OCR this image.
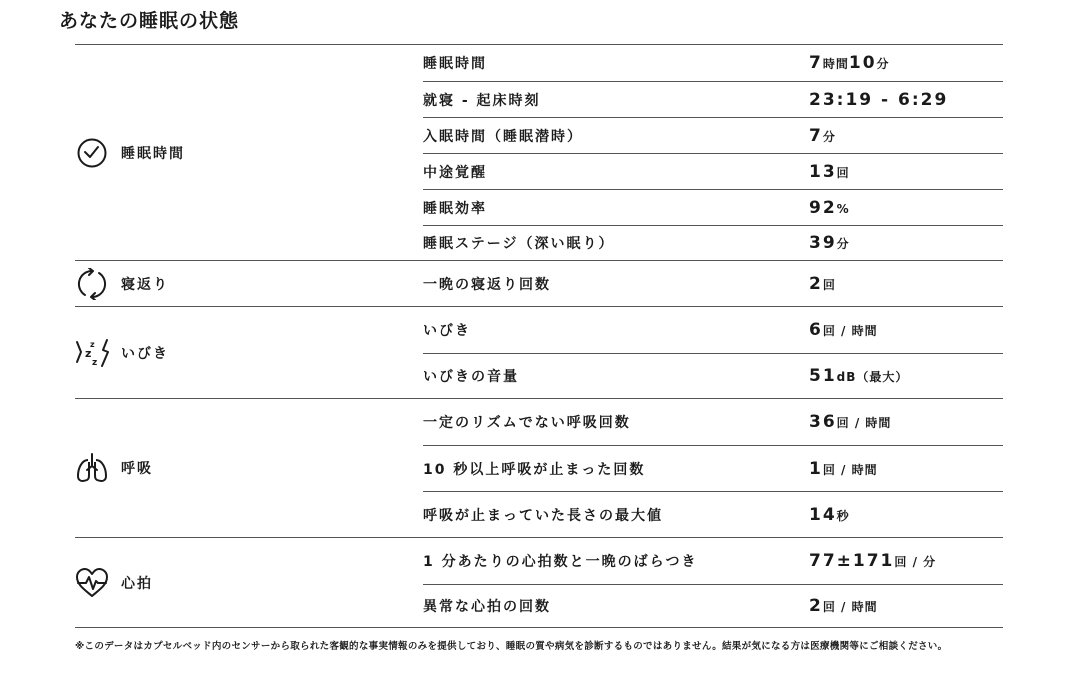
あなたの睡眠の状態
睡眠時間
睡眠時間	7時間10分
就寝 - 起床時刻	23:19 - 6:29
入眠時間（睡眠潜時）	7分
中途覚醒	13回
睡眠効率	92%
睡眠ステージ（深い眠り）	39分
寝返り	一晩の寝返り回数	2回
z
z
z
いびき
いびき	6回 / 時間
いびきの音量	51dB（最大）
呼吸
一定のリズムでない呼吸回数	36回 / 時間
10 秒以上呼吸が止まった回数	1回 / 時間
呼吸が止まっていた長さの最大値	14秒
心拍
1 分あたりの心拍数と一晩のばらつき	77±171回 / 分
異常な心拍の回数	2回 / 時間
※このデータはカプセルベッド内のセンサーから取られた客観的な事実情報のみを提供しており、睡眠の質や病気を診断するものではありません。結果が気になる方は医療機関等にご相談ください。
